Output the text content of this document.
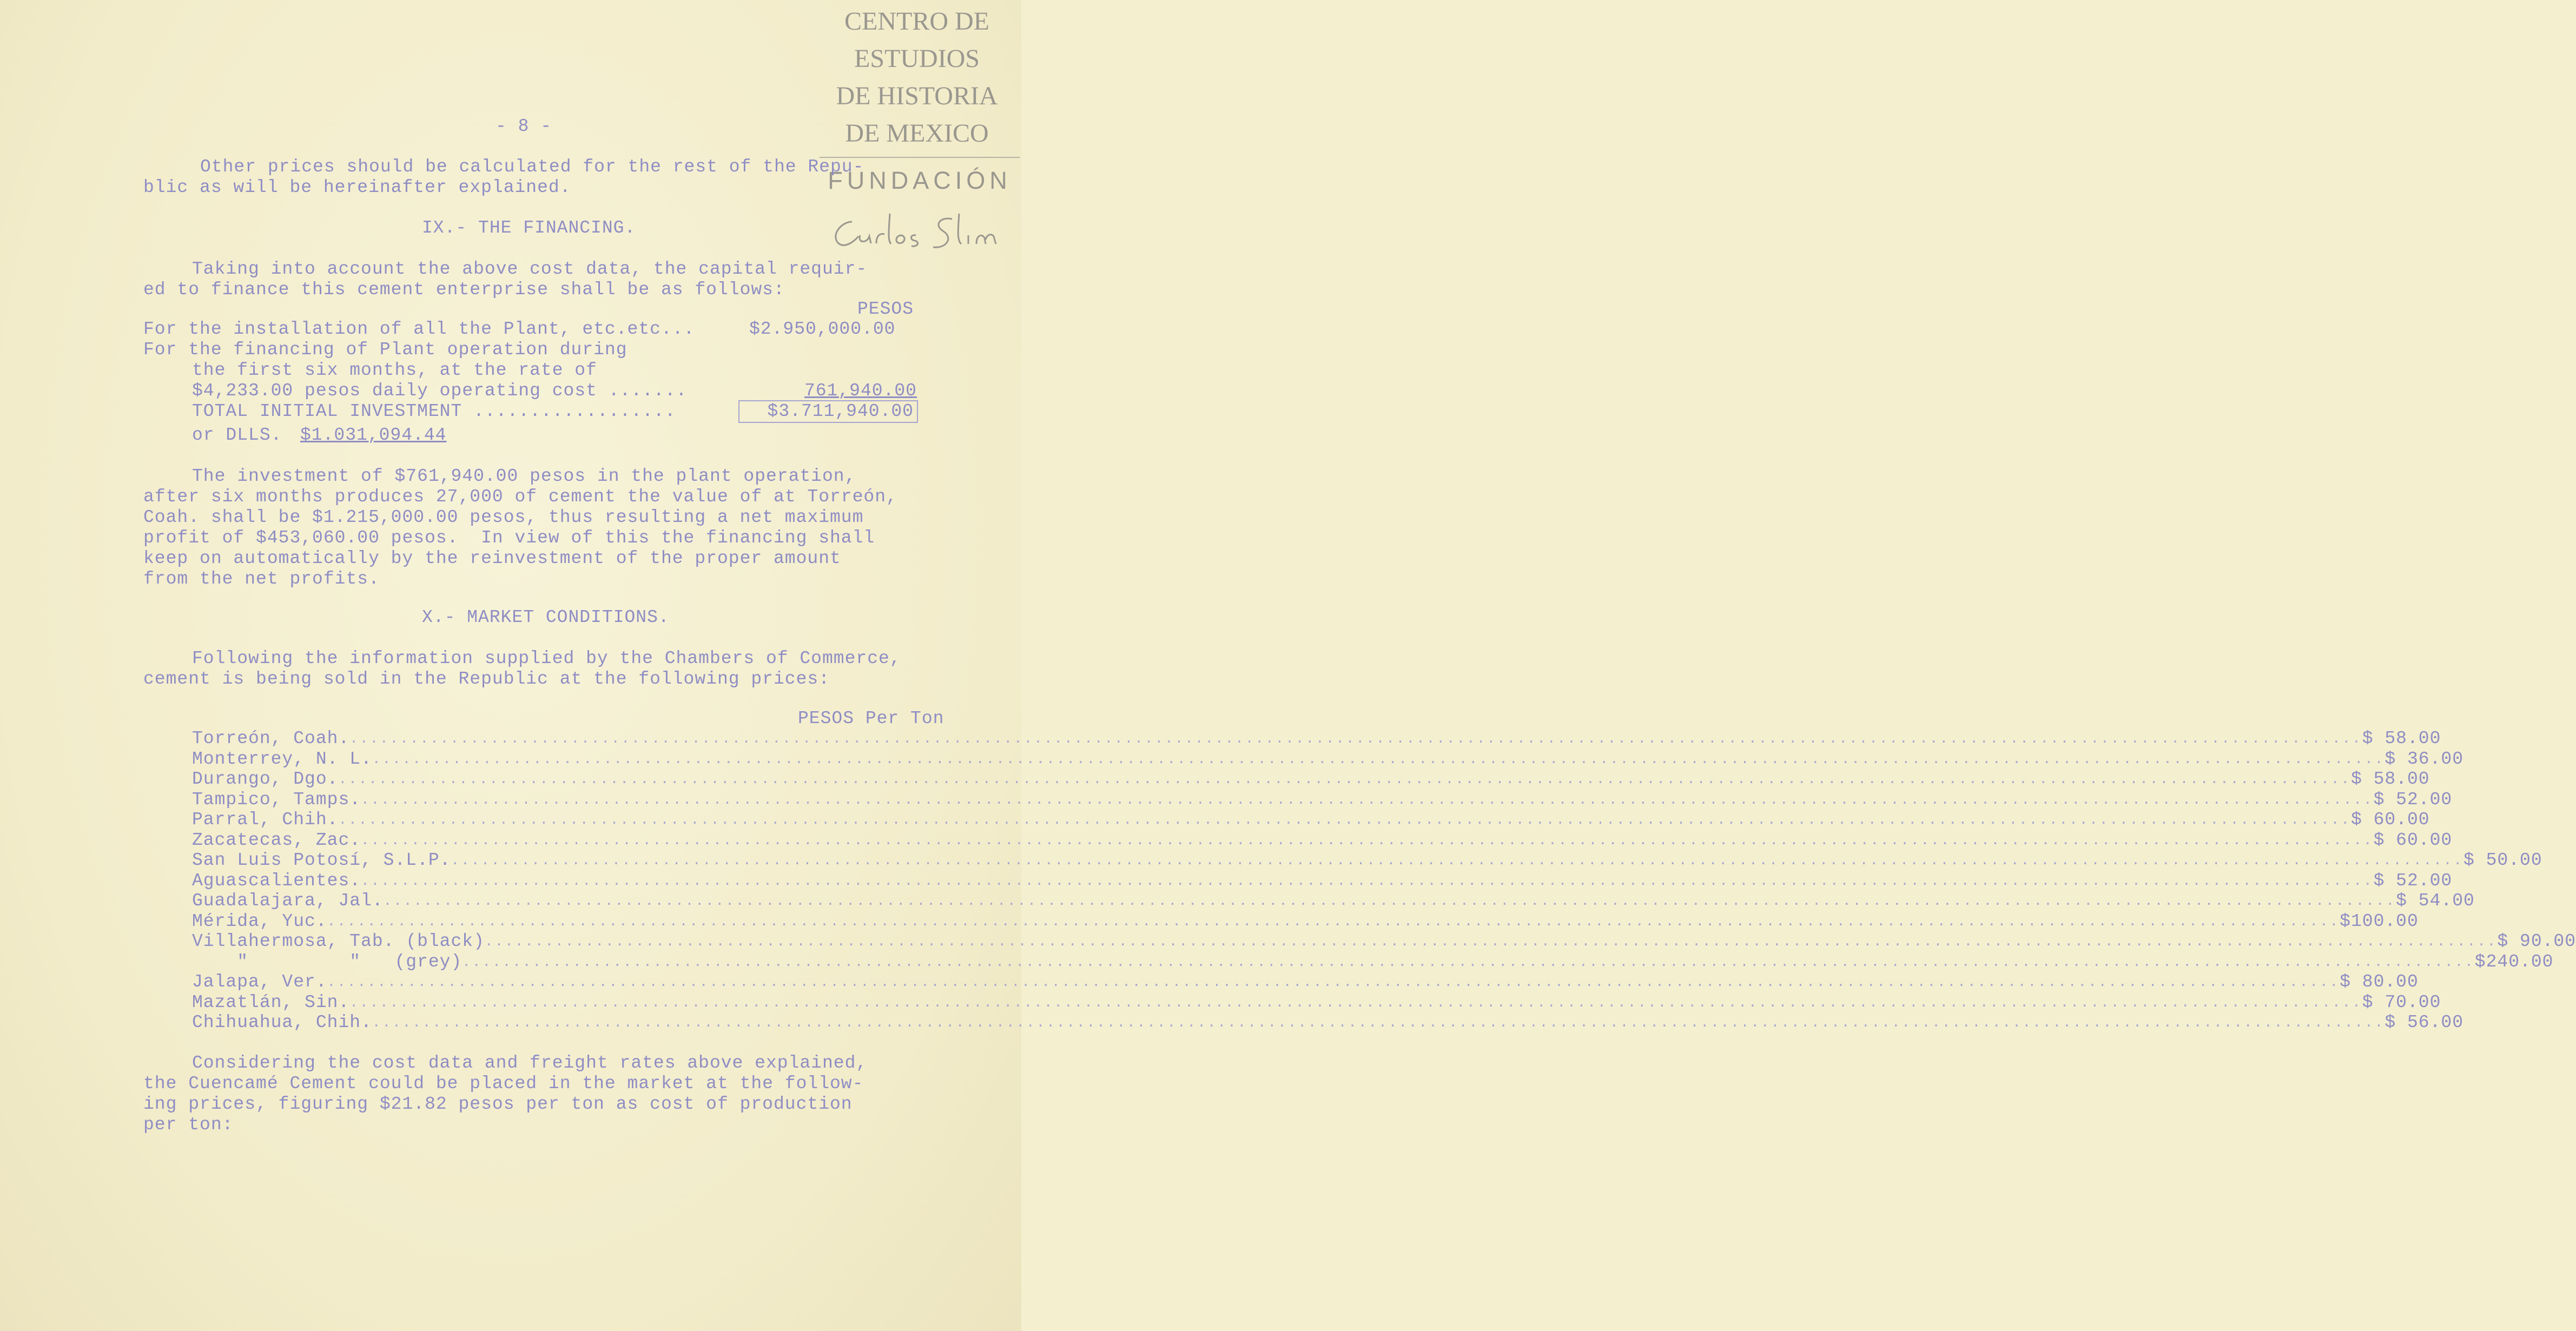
CENTRO DE
ESTUDIOS
DE HISTORIA
DE MEXICO
FUNDACIÓN
- 8 -
Other prices should be calculated for the rest of the Repu-
blic as will be hereinafter explained.
IX.- THE FINANCING.
Taking into account the above cost data, the capital requir-
ed to finance this cement enterprise shall be as follows:
PESOS
For the installation of all the Plant, etc.etc...	$2.950,000.00
For the financing of Plant operation during
the first six months, at the rate of
$4,233.00 pesos daily operating cost .......	761,940.00
TOTAL INITIAL INVESTMENT ..................	$3.711,940.00
or DLLS. $1.031,094.44
The investment of $761,940.00 pesos in the plant operation,
after six months produces 27,000 of cement the value of at Torreón,
Coah. shall be $1.215,000.00 pesos, thus resulting a net maximum
profit of $453,060.00 pesos.  In view of this the financing shall
keep on automatically by the reinvestment of the proper amount
from the net profits.
X.- MARKET CONDITIONS.
Following the information supplied by the Chambers of Commerce,
cement is being sold in the Republic at the following prices:
PESOS Per Ton
Torreón, Coah. ........................................................................................................................................................................................................ $ 58.00
Monterrey, N. L. ........................................................................................................................................................................................................ $ 36.00
Durango, Dgo. ........................................................................................................................................................................................................ $ 58.00
Tampico, Tamps. ........................................................................................................................................................................................................ $ 52.00
Parral, Chih. ........................................................................................................................................................................................................ $ 60.00
Zacatecas, Zac. ........................................................................................................................................................................................................ $ 60.00
San Luis Potosí, S.L.P. ........................................................................................................................................................................................................ $ 50.00
Aguascalientes. ........................................................................................................................................................................................................ $ 52.00
Guadalajara, Jal. ........................................................................................................................................................................................................ $ 54.00
Mérida, Yuc. ........................................................................................................................................................................................................ $100.00
Villahermosa, Tab. (black) ........................................................................................................................................................................................................ $ 90.00
"         "   (grey) ........................................................................................................................................................................................................ $240.00
Jalapa, Ver. ........................................................................................................................................................................................................ $ 80.00
Mazatlán, Sin. ........................................................................................................................................................................................................ $ 70.00
Chihuahua, Chih. ........................................................................................................................................................................................................ $ 56.00
Considering the cost data and freight rates above explained,
the Cuencamé Cement could be placed in the market at the follow-
ing prices, figuring $21.82 pesos per ton as cost of production
per ton:
